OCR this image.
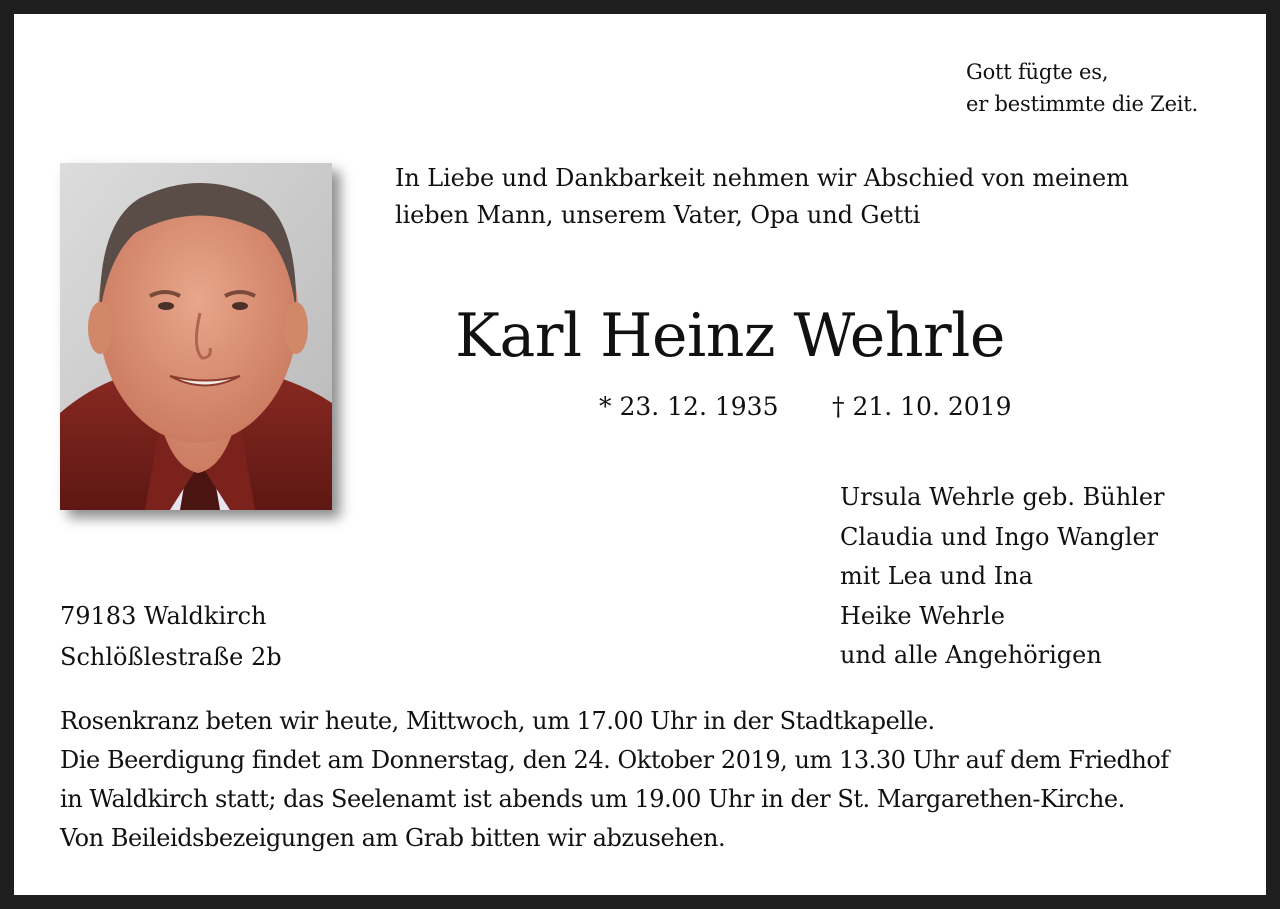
Gott fügte es,
er bestimmte die Zeit.
In Liebe und Dankbarkeit nehmen wir Abschied von meinem
lieben Mann, unserem Vater, Opa und Getti
Karl Heinz Wehrle
* 23. 12. 1935 † 21. 10. 2019
Ursula Wehrle geb. Bühler
Claudia und Ingo Wangler
mit Lea und Ina
Heike Wehrle
und alle Angehörigen
79183 Waldkirch
Schlößlestraße 2b
Rosenkranz beten wir heute, Mittwoch, um 17.00 Uhr in der Stadtkapelle.
Die Beerdigung findet am Donnerstag, den 24. Oktober 2019, um 13.30 Uhr auf dem Friedhof
in Waldkirch statt; das Seelenamt ist abends um 19.00 Uhr in der St. Margarethen-Kirche.
Von Beileidsbezeigungen am Grab bitten wir abzusehen.
